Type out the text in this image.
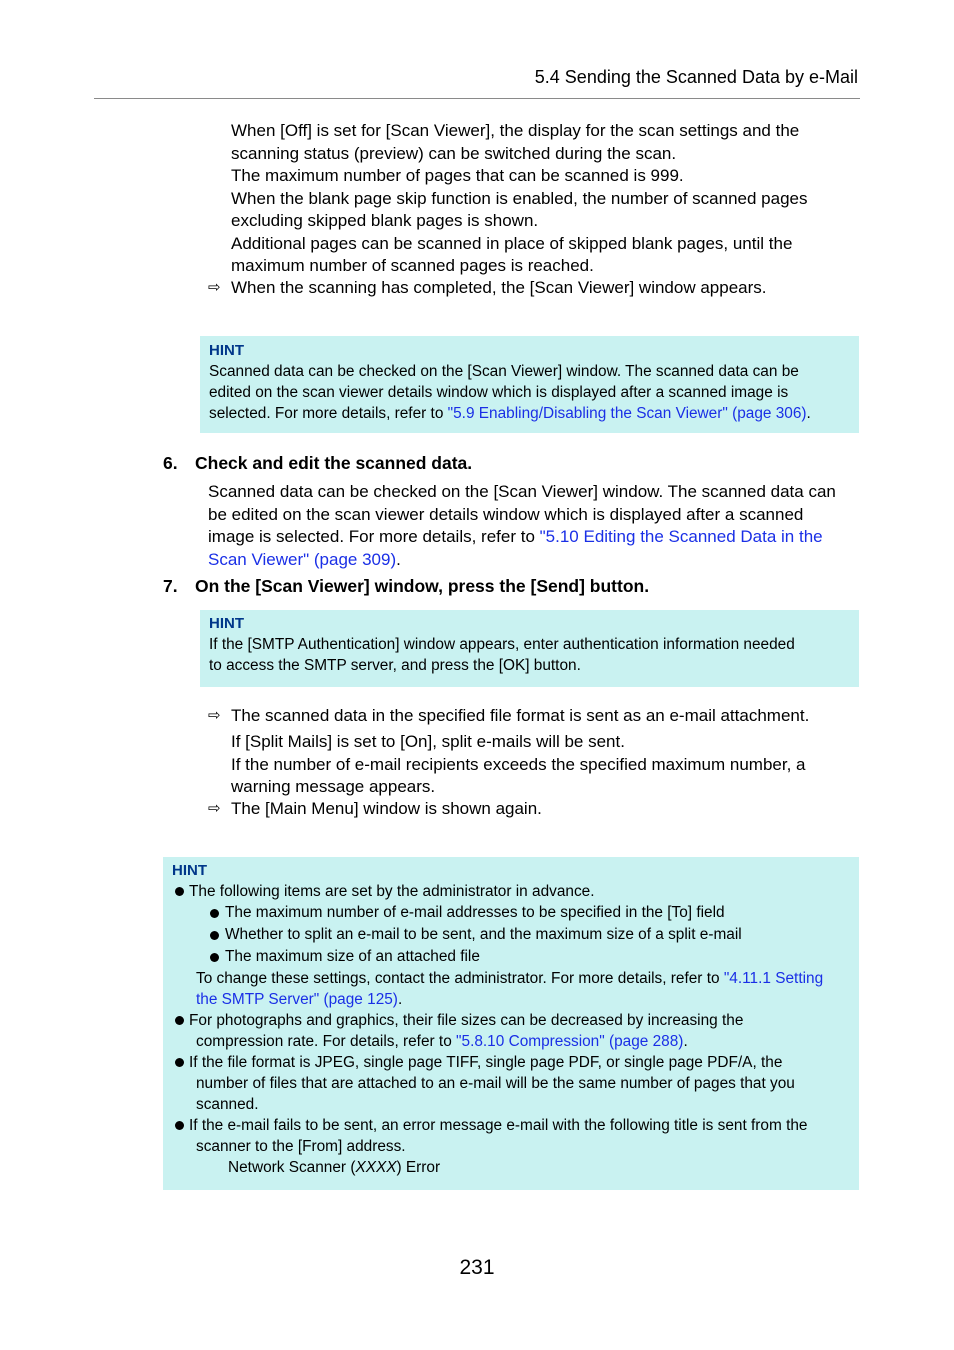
5.4 Sending the Scanned Data by e-Mail

When [Off] is set for [Scan Viewer], the display for the scan settings and the

scanning status (preview) can be switched during the scan.

The maximum number of pages that can be scanned is 999.

When the blank page skip function is enabled, the number of scanned pages

excluding skipped blank pages is shown.

Additional pages can be scanned in place of skipped blank pages, until the

maximum number of scanned pages is reached.

⇨ When the scanning has completed, the [Scan Viewer] window appears.
HINT
Scanned data can be checked on the [Scan Viewer] window. The scanned data can be
edited on the scan viewer details window which is displayed after a scanned image is
selected. For more details, refer to "5.9 Enabling/Disabling the Scan Viewer" (page 306).
6. Check and edit the scanned data.
Scanned data can be checked on the [Scan Viewer] window. The scanned data can
be edited on the scan viewer details window which is displayed after a scanned
image is selected. For more details, refer to "5.10 Editing the Scanned Data in the
Scan Viewer" (page 309).
7. On the [Scan Viewer] window, press the [Send] button.
HINT
If the [SMTP Authentication] window appears, enter authentication information needed
to access the SMTP server, and press the [OK] button.
⇨ The scanned data in the specified file format is sent as an e-mail attachment.

If [Split Mails] is set to [On], split e-mails will be sent.

If the number of e-mail recipients exceeds the specified maximum number, a

warning message appears.

⇨ The [Main Menu] window is shown again.
HINT
The following items are set by the administrator in advance.
The maximum number of e-mail addresses to be specified in the [To] field
Whether to split an e-mail to be sent, and the maximum size of a split e-mail
The maximum size of an attached file
To change these settings, contact the administrator. For more details, refer to "4.11.1 Setting
the SMTP Server" (page 125).
For photographs and graphics, their file sizes can be decreased by increasing the
compression rate. For details, refer to "5.8.10 Compression" (page 288).
If the file format is JPEG, single page TIFF, single page PDF, or single page PDF/A, the
number of files that are attached to an e-mail will be the same number of pages that you
scanned.
If the e-mail fails to be sent, an error message e-mail with the following title is sent from the
scanner to the [From] address.
Network Scanner (XXXX) Error
231
